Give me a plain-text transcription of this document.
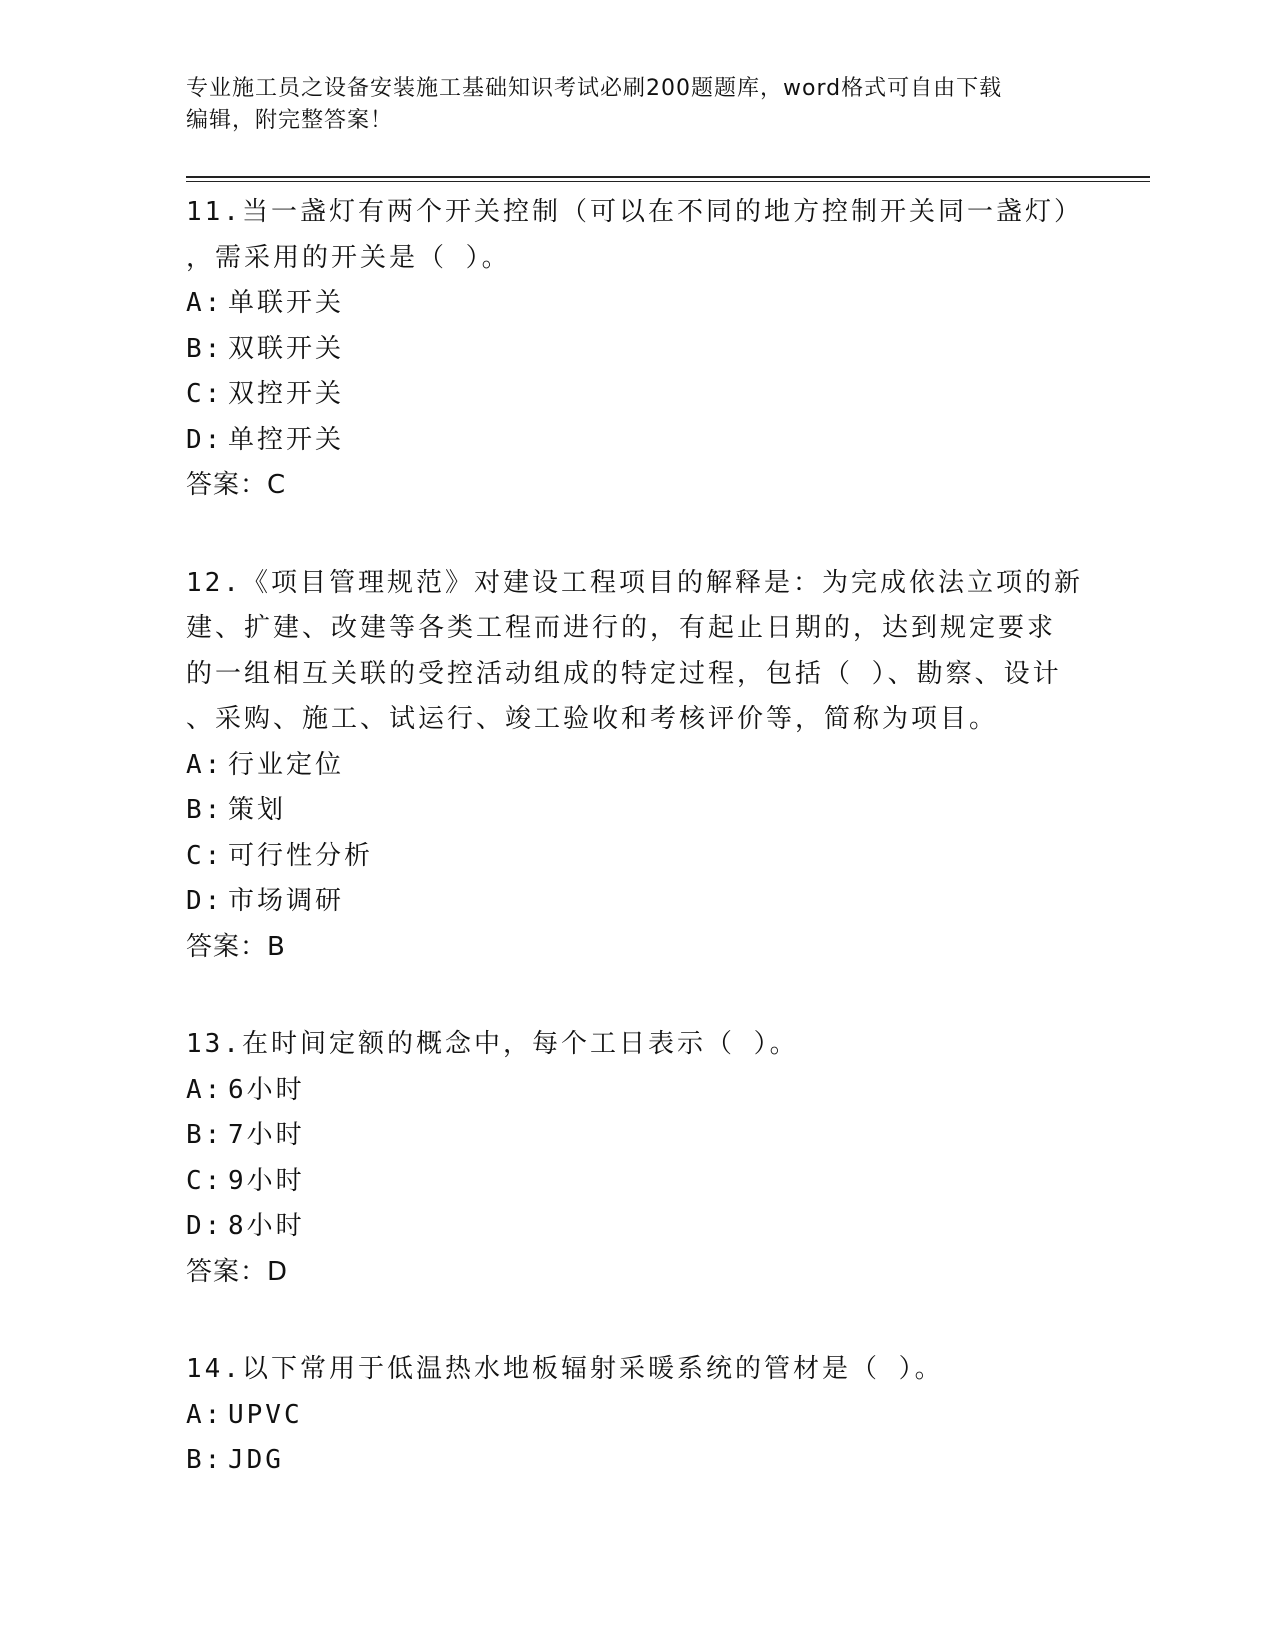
专业施工员之设备安装施工基础知识考试必刷200题题库，word格式可自由下载
编辑，附完整答案！
11.当一盏灯有两个开关控制（可以在不同的地方控制开关同一盏灯）
，需采用的开关是（ ）。
A: 单联开关
B: 双联开关
C: 双控开关
D: 单控开关
答案：C
12.《项目管理规范》对建设工程项目的解释是：为完成依法立项的新
建、扩建、改建等各类工程而进行的，有起止日期的，达到规定要求
的一组相互关联的受控活动组成的特定过程，包括（ ）、勘察、设计
、采购、施工、试运行、竣工验收和考核评价等，简称为项目。
A: 行业定位
B: 策划
C: 可行性分析
D: 市场调研
答案：B
13.在时间定额的概念中，每个工日表示（ ）。
A: 6小时
B: 7小时
C: 9小时
D: 8小时
答案：D
14.以下常用于低温热水地板辐射采暖系统的管材是（ ）。
A: UPVC
B: JDG
